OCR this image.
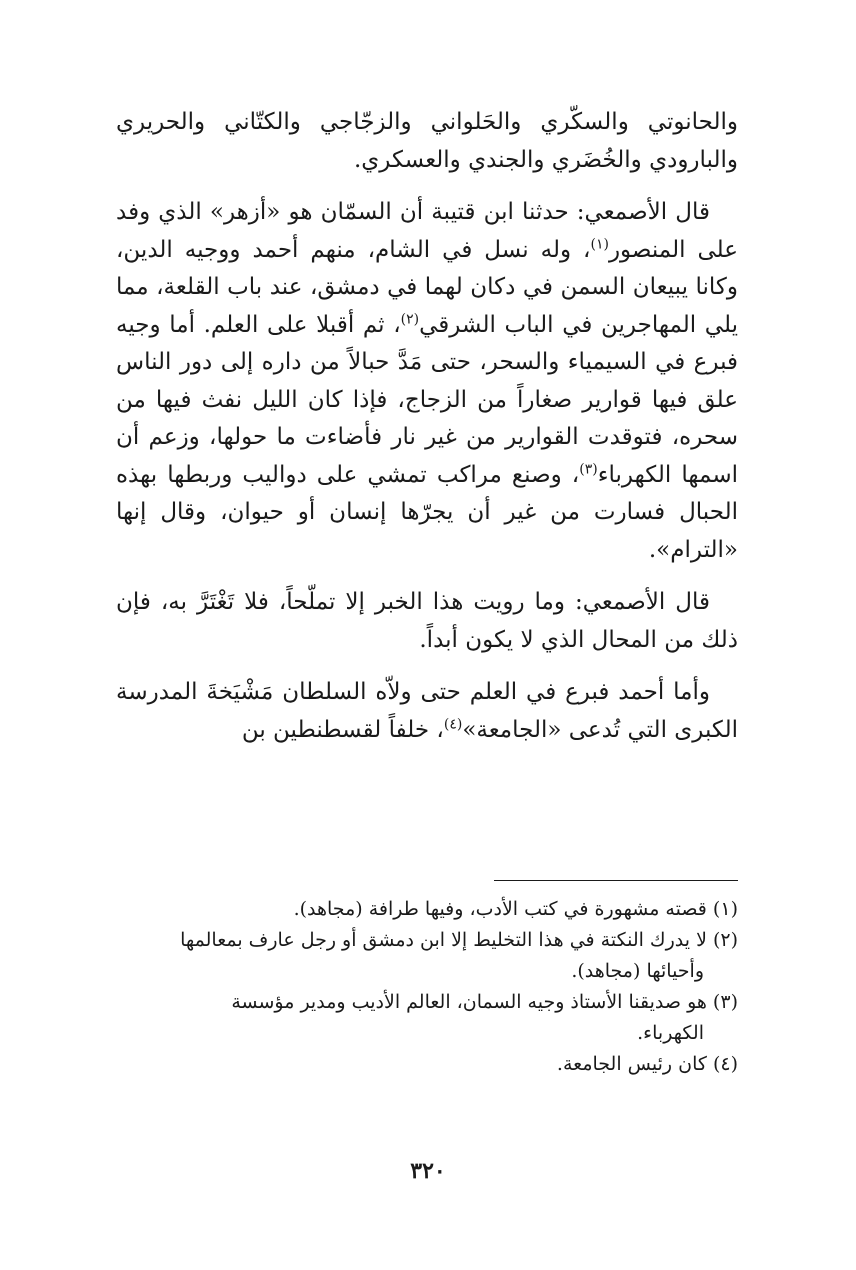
والحانوتي والسكّري والحَلواني والزجّاجي والكتّاني والحريري والبارودي والخُضَري والجندي والعسكري.

قال الأصمعي: حدثنا ابن قتيبة أن السمّان هو «أزهر» الذي وفد على المنصور$^{(١)}$، وله نسل في الشام، منهم أحمد ووجيه الدين، وكانا يبيعان السمن في دكان لهما في دمشق، عند باب القلعة، مما يلي المهاجرين في الباب الشرقي$^{(٢)}$، ثم أقبلا على العلم. أما وجيه فبرع في السيمياء والسحر، حتى مَدَّ حبالاً من داره إلى دور الناس علق فيها قوارير صغاراً من الزجاج، فإذا كان الليل نفث فيها من سحره، فتوقدت القوارير من غير نار فأضاءت ما حولها، وزعم أن اسمها الكهرباء$^{(٣)}$، وصنع مراكب تمشي على دواليب وربطها بهذه الحبال فسارت من غير أن يجرّها إنسان أو حيوان، وقال إنها «الترام».

قال الأصمعي: وما رويت هذا الخبر إلا تملّحاً، فلا تَغْتَرَّ به، فإن ذلك من المحال الذي لا يكون أبداً.

وأما أحمد فبرع في العلم حتى ولاّه السلطان مَشْيَخةَ المدرسة الكبرى التي تُدعى «الجامعة»$^{(٤)}$، خلفاً لقسطنطين بن

(١) قصته مشهورة في كتب الأدب، وفيها طرافة (مجاهد).

(٢) لا يدرك النكتة في هذا التخليط إلا ابن دمشق أو رجل عارف بمعالمها
وأحيائها (مجاهد).

(٣) هو صديقنا الأستاذ وجيه السمان، العالم الأديب ومدير مؤسسة
الكهرباء.

(٤) كان رئيس الجامعة.

٣٢٠
